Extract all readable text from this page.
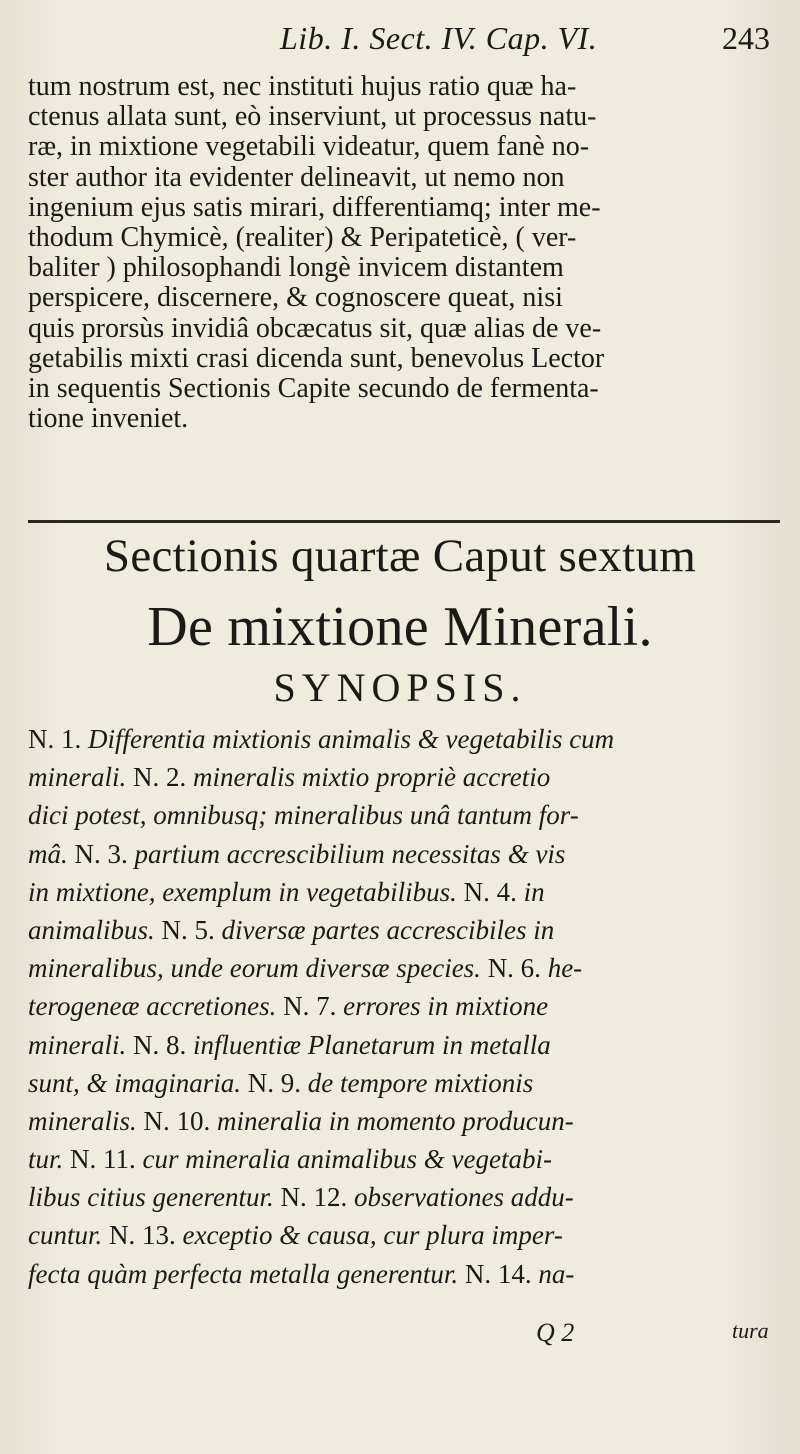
Lib. I. Sect. IV. Cap. VI.	243
tum nostrum est, nec instituti hujus ratio quæ ha-
ctenus allata sunt, eò inserviunt, ut processus natu-
ræ, in mixtione vegetabili videatur, quem fanè no-
ster author ita evidenter delineavit, ut nemo non
ingenium ejus satis mirari, differentiamq; inter me-
thodum Chymicè, (realiter) & Peripateticè, ( ver-
baliter ) philosophandi longè invicem distantem
perspicere, discernere, & cognoscere queat, nisi
quis prorsùs invidiâ obcæcatus sit, quæ alias de ve-
getabilis mixti crasi dicenda sunt, benevolus Lector
in sequentis Sectionis Capite secundo de fermenta-
tione inveniet.
Sectionis quartæ Caput sextum
De mixtione Minerali.
SYNOPSIS.
N. 1. Differentia mixtionis animalis & vegetabilis cum
minerali. N. 2. mineralis mixtio propriè accretio
dici potest, omnibusq; mineralibus unâ tantum for-
mâ. N. 3. partium accrescibilium necessitas & vis
in mixtione, exemplum in vegetabilibus. N. 4. in
animalibus. N. 5. diversæ partes accrescibiles in
mineralibus, unde eorum diversæ species. N. 6. he-
terogeneæ accretiones. N. 7. errores in mixtione
minerali. N. 8. influentiæ Planetarum in metalla
sunt, & imaginaria. N. 9. de tempore mixtionis
mineralis. N. 10. mineralia in momento producun-
tur. N. 11. cur mineralia animalibus & vegetabi-
libus citius generentur. N. 12. observationes addu-
cuntur. N. 13. exceptio & causa, cur plura imper-
fecta quàm perfecta metalla generentur. N. 14. na-
Q 2	tura
